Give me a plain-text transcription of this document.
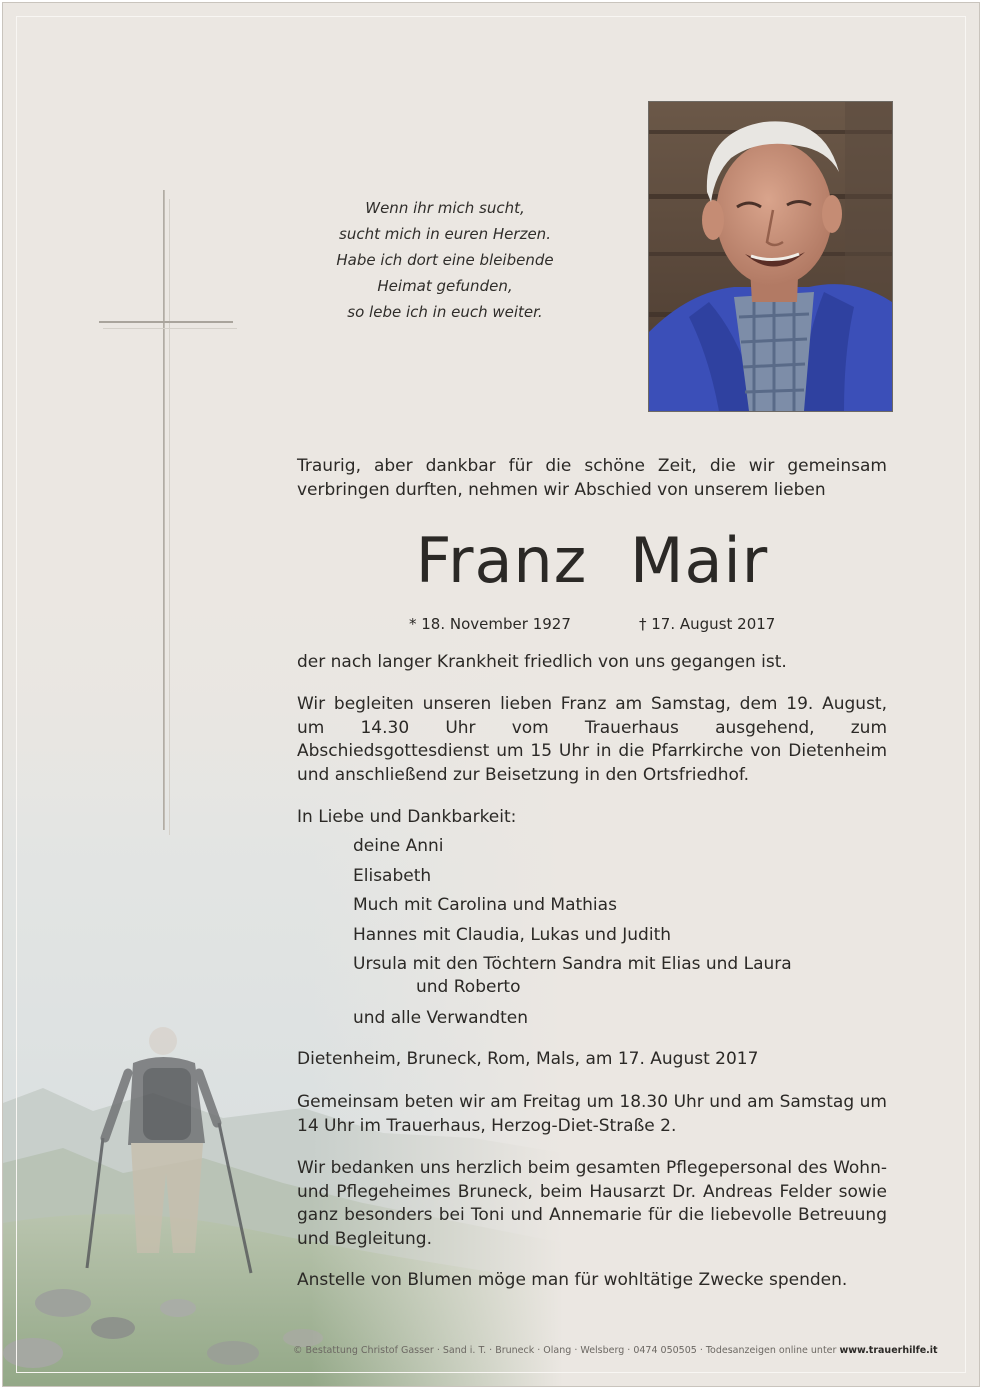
Wenn ihr mich sucht,
sucht mich in euren Herzen.
Habe ich dort eine bleibende
Heimat gefunden,
so lebe ich in euch weiter.
Traurig, aber dankbar für die schöne Zeit, die wir gemeinsam verbringen durften, nehmen wir Abschied von unserem lieben
Franz Mair
* 18. November 1927	† 17. August 2017
der nach langer Krankheit friedlich von uns gegangen ist.
Wir begleiten unseren lieben Franz am Samstag, dem 19. August, um 14.30 Uhr vom Trauerhaus ausgehend, zum Abschiedsgottesdienst um 15 Uhr in die Pfarrkirche von Dietenheim und anschließend zur Beisetzung in den Ortsfriedhof.
In Liebe und Dankbarkeit:
deine Anni
Elisabeth
Much mit Carolina und Mathias
Hannes mit Claudia, Lukas und Judith
Ursula mit den Töchtern Sandra mit Elias und Laura
und Roberto
und alle Verwandten
Dietenheim, Bruneck, Rom, Mals, am 17. August 2017
Gemeinsam beten wir am Freitag um 18.30 Uhr und am Samstag um 14 Uhr im Trauerhaus, Herzog-Diet-Straße 2.
Wir bedanken uns herzlich beim gesamten Pflegepersonal des Wohn- und Pflegeheimes Bruneck, beim Hausarzt Dr. Andreas Felder sowie ganz besonders bei Toni und Annemarie für die liebevolle Betreuung und Begleitung.
Anstelle von Blumen möge man für wohltätige Zwecke spenden.
© Bestattung Christof Gasser · Sand i. T. · Bruneck · Olang · Welsberg · 0474 050505 · Todesanzeigen online unter www.trauerhilfe.it
